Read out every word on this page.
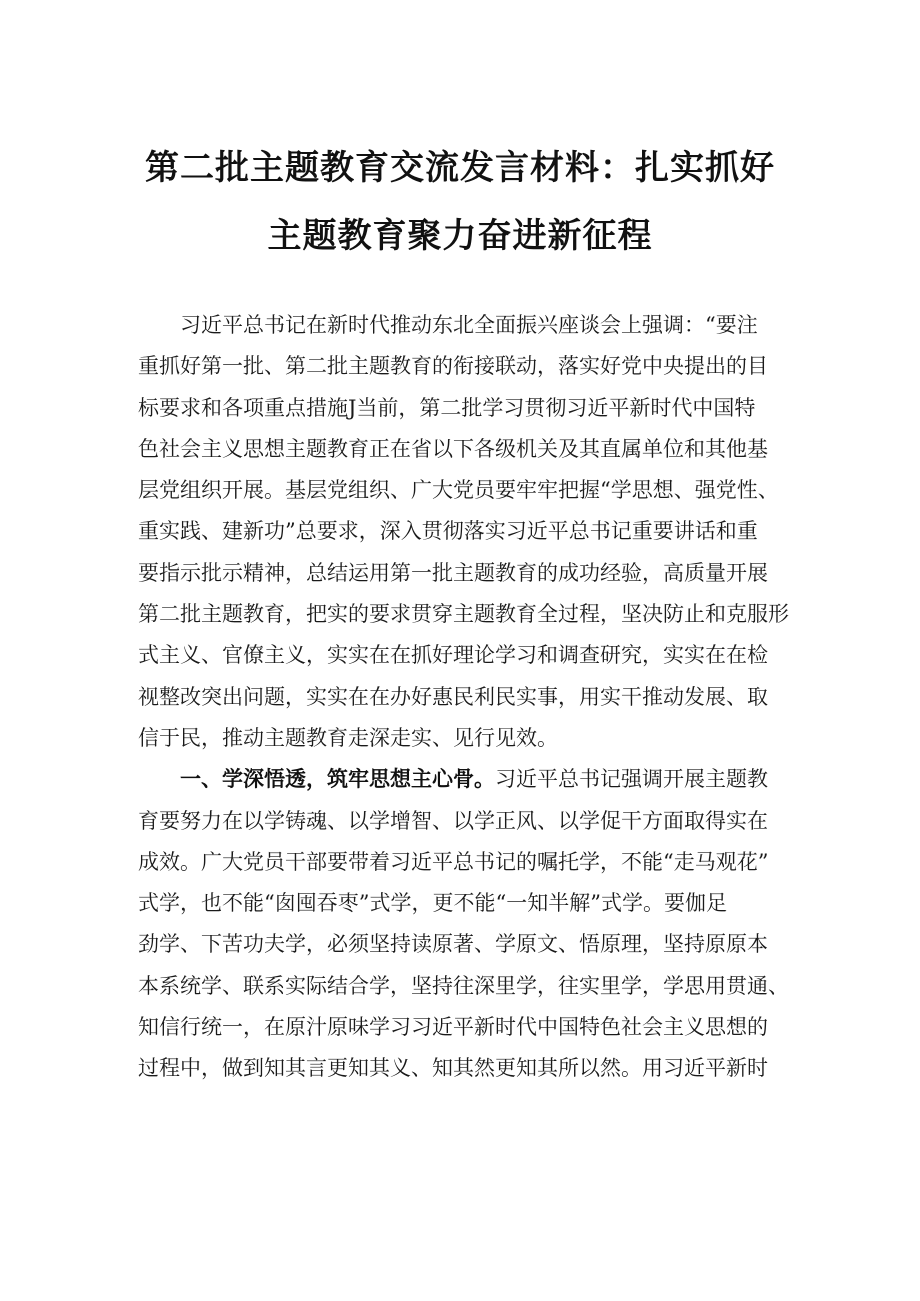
第二批主题教育交流发言材料：扎实抓好
主题教育聚力奋进新征程

习近平总书记在新时代推动东北全面振兴座谈会上强调：“要注
重抓好第一批、第二批主题教育的衔接联动，落实好党中央提出的目
标要求和各项重点措施J当前，第二批学习贯彻习近平新时代中国特
色社会主义思想主题教育正在省以下各级机关及其直属单位和其他基
层党组织开展。基层党组织、广大党员要牢牢把握“学思想、强党性、
重实践、建新功”总要求，深入贯彻落实习近平总书记重要讲话和重
要指示批示精神，总结运用第一批主题教育的成功经验，高质量开展
第二批主题教育，把实的要求贯穿主题教育全过程，坚决防止和克服形
式主义、官僚主义，实实在在抓好理论学习和调查研究，实实在在检
视整改突出问题，实实在在办好惠民利民实事，用实干推动发展、取
信于民，推动主题教育走深走实、见行见效。

一、学深悟透，筑牢思想主心骨。习近平总书记强调开展主题教
育要努力在以学铸魂、以学增智、以学正风、以学促干方面取得实在
成效。广大党员干部要带着习近平总书记的嘱托学，不能“走马观花”
式学，也不能“囱囤吞枣”式学，更不能“一知半解”式学。要伽足
劲学、下苦功夫学，必须坚持读原著、学原文、悟原理，坚持原原本
本系统学、联系实际结合学，坚持往深里学，往实里学，学思用贯通、
知信行统一，在原汁原味学习习近平新时代中国特色社会主义思想的
过程中，做到知其言更知其义、知其然更知其所以然。用习近平新时
